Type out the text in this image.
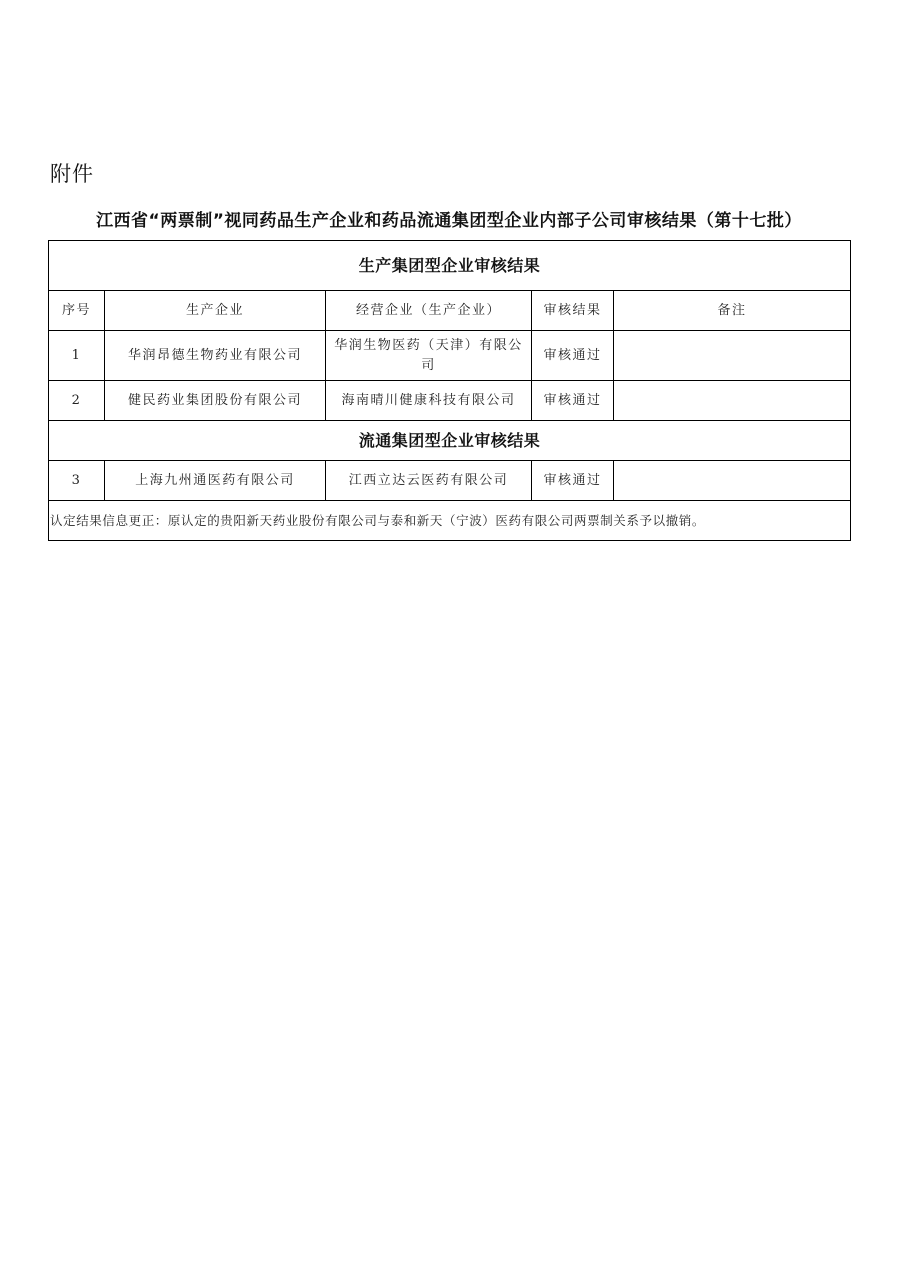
附件
江西省“两票制”视同药品生产企业和药品流通集团型企业内部子公司审核结果（第十七批）
生产集团型企业审核结果				
序号	生产企业	经营企业（生产企业）	审核结果	备注
1	华润昂德生物药业有限公司	华润生物医药（天津）有限公司	审核通过	
2	健民药业集团股份有限公司	海南晴川健康科技有限公司	审核通过	
流通集团型企业审核结果				
3	上海九州通医药有限公司	江西立达云医药有限公司	审核通过	
认定结果信息更正：原认定的贵阳新天药业股份有限公司与泰和新天（宁波）医药有限公司两票制关系予以撤销。				
